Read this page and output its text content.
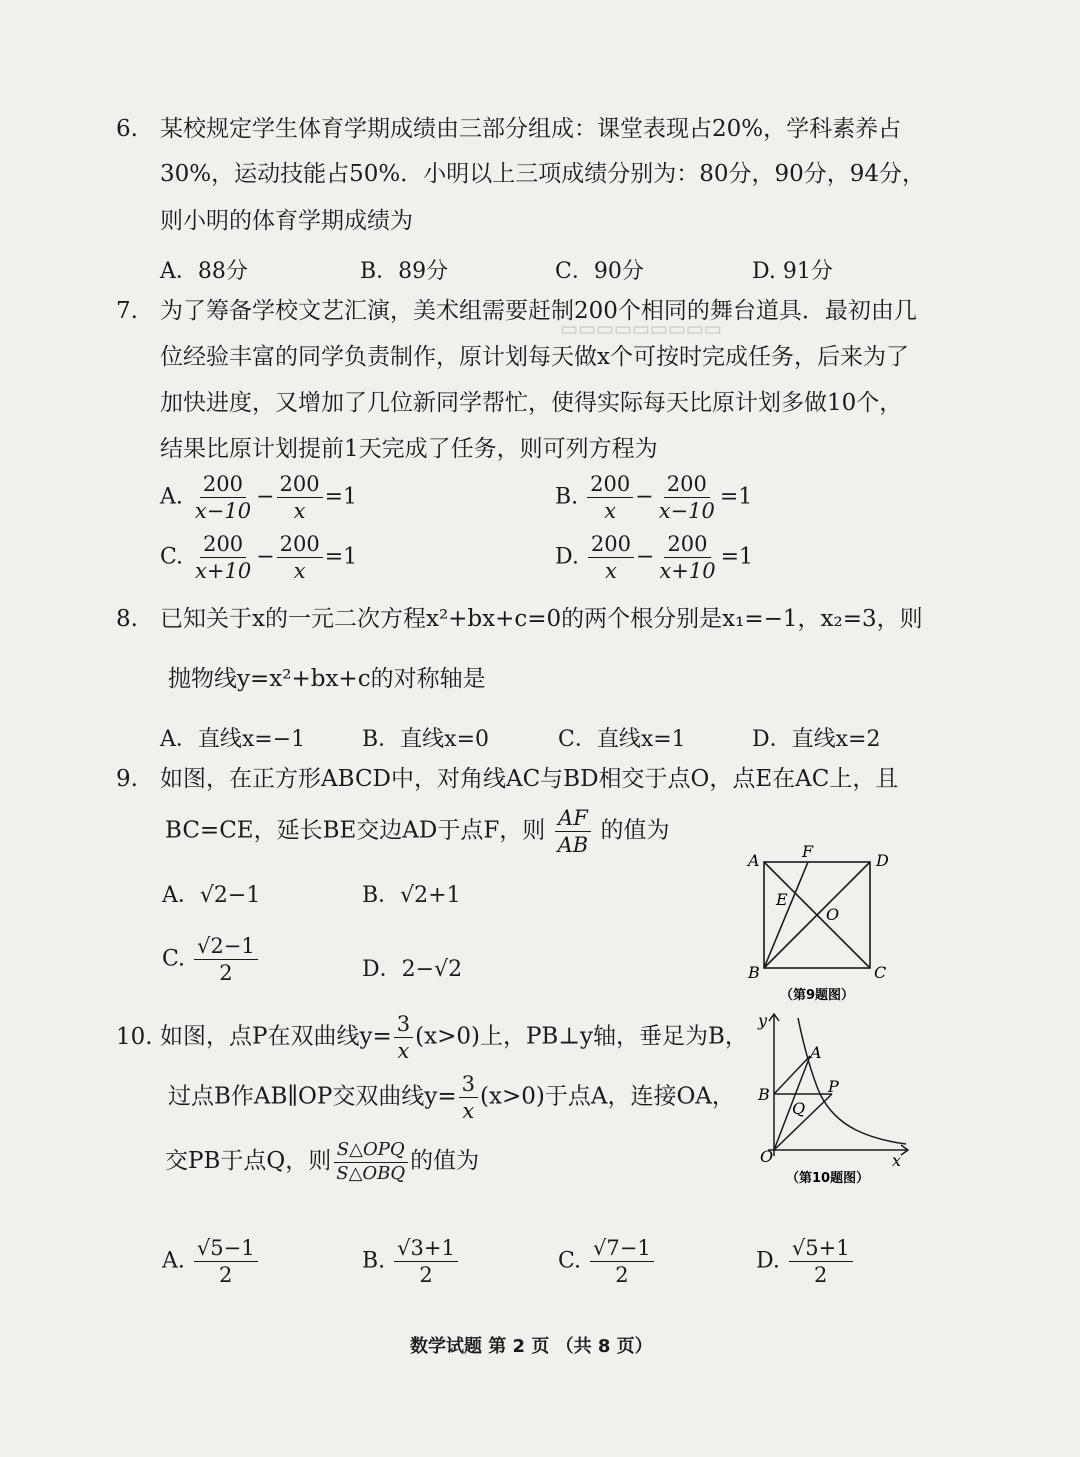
▭▭▭▭▭▭▭▭▭
6. 某校规定学生体育学期成绩由三部分组成：课堂表现占20%，学科素养占
30%，运动技能占50%．小明以上三项成绩分别为：80分，90分，94分，
则小明的体育学期成绩为
A．88分	B．89分	C．90分	D. 91分
7. 为了筹备学校文艺汇演，美术组需要赶制200个相同的舞台道具．最初由几
位经验丰富的同学负责制作，原计划每天做x个可按时完成任务，后来为了
加快进度，又增加了几位新同学帮忙，使得实际每天比原计划多做10个，
结果比原计划提前1天完成了任务，则可列方程为
A. $\frac{200}{x-10} - \frac{200}{x} =1$	B. $\frac{200}{x} - \frac{200}{x-10} =1$
C. $\frac{200}{x+10} - \frac{200}{x} =1$	D. $\frac{200}{x} - \frac{200}{x+10} =1$
8. 已知关于x的一元二次方程x²+bx+c=0的两个根分别是x₁=−1，x₂=3，则
抛物线y=x²+bx+c的对称轴是
A．直线x=−1	B．直线x=0	C．直线x=1	D．直线x=2
9. 如图，在正方形ABCD中，对角线AC与BD相交于点O，点E在AC上，且
BC=CE，延长BE交边AD于点F，则 $\frac{AF}{AB}$ 的值为
A．√2−1	B．√2+1
C. $\frac{√2-1}{2}$	D．2−√2
A	F	D
E
O
B	C
（第9题图）
10. 如图，点P在双曲线$y= \frac{3}{x} (x>0)$上，PB⊥y轴，垂足为B，
过点B作AB∥OP交双曲线$y= \frac{3}{x} (x>0)$于点A，连接OA，
交PB于点Q，则 $\frac{\text{S△OPQ}}{\text{S△OBQ}}$ 的值为
A. $\frac{√5-1}{2}$	B. $\frac{√3+1}{2}$	C. $\frac{√7-1}{2}$	D. $\frac{√5+1}{2}$
y
A
B	P
Q
O	x
（第10题图）
数学试题 第 2 页 （共 8 页）
